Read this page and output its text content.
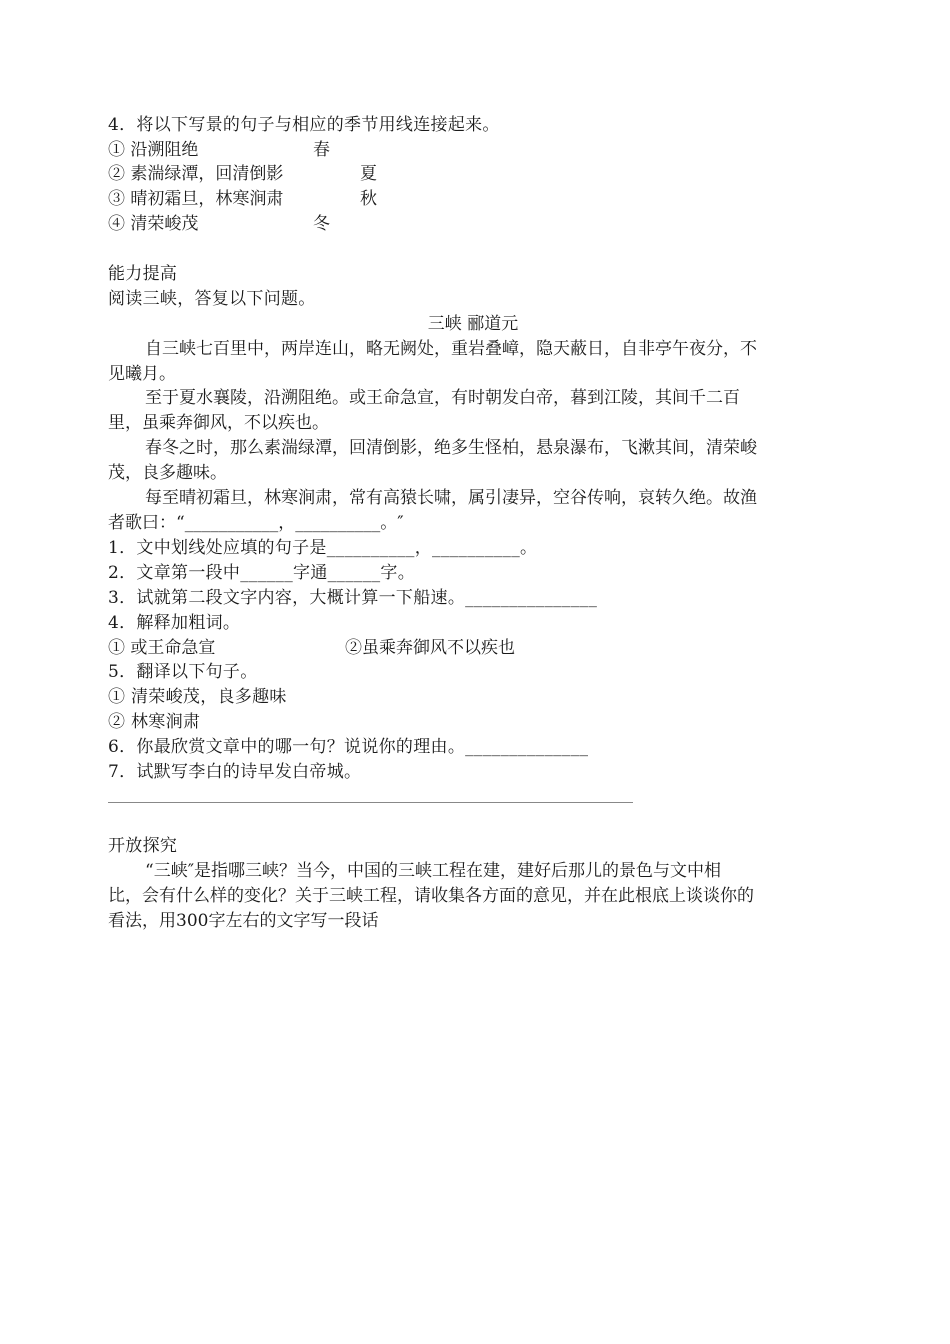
4．将以下写景的句子与相应的季节用线连接起来。
① 沿溯阻绝	春
② 素湍绿潭，回清倒影	夏
③ 晴初霜旦，林寒涧肃	秋
④ 清荣峻茂	冬
能力提高
阅读三峡，答复以下问题。
三峡 郦道元
自三峡七百里中，两岸连山，略无阙处，重岩叠嶂，隐天蔽日，自非亭午夜分，不
见曦月。
至于夏水襄陵，沿溯阻绝。或王命急宣，有时朝发白帝，暮到江陵，其间千二百
里，虽乘奔御风，不以疾也。
春冬之时，那么素湍绿潭，回清倒影，绝多生怪柏，悬泉瀑布，飞漱其间，清荣峻
茂，良多趣味。
每至晴初霜旦，林寒涧肃，常有高猿长啸，属引凄异，空谷传响，哀转久绝。故渔
者歌曰：“___________，__________。″
1．文中划线处应填的句子是__________，__________。
2．文章第一段中______字通______字。
3．试就第二段文字内容，大概计算一下船速。_______________
4．解释加粗词。
① 或王命急宣	②虽乘奔御风不以疾也
5．翻译以下句子。
① 清荣峻茂，良多趣味
② 林寒涧肃
6．你最欣赏文章中的哪一句？说说你的理由。______________
7．试默写李白的诗早发白帝城。
开放探究
“三峡″是指哪三峡？当今，中国的三峡工程在建，建好后那儿的景色与文中相
比，会有什么样的变化？关于三峡工程，请收集各方面的意见，并在此根底上谈谈你的
看法，用300字左右的文字写一段话
